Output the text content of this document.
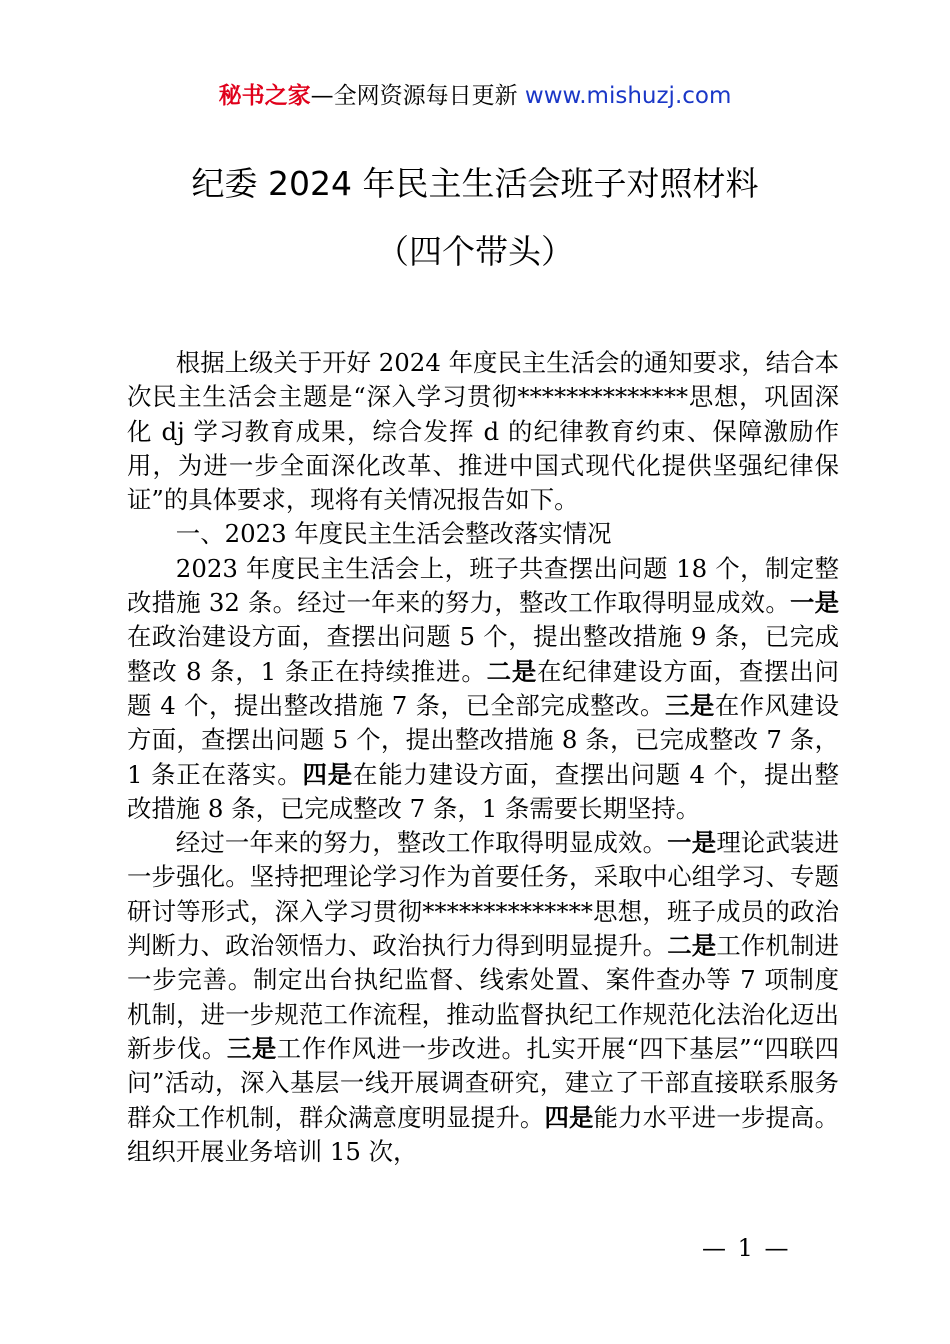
秘书之家—全网资源每日更新 www.mishuzj.com
纪委 2024 年民主生活会班子对照材料
（四个带头）

根据上级关于开好 2024 年度民主生活会的通知要求，结合本次民主生活会主题是“深入学习贯彻**************思想，巩固深化 dj 学习教育成果，综合发挥 d 的纪律教育约束、保障激励作用，为进一步全面深化改革、推进中国式现代化提供坚强纪律保证”的具体要求，现将有关情况报告如下。

一、2023 年度民主生活会整改落实情况

2023 年度民主生活会上，班子共查摆出问题 18 个，制定整改措施 32 条。经过一年来的努力，整改工作取得明显成效。一是在政治建设方面，查摆出问题 5 个，提出整改措施 9 条，已完成整改 8 条，1 条正在持续推进。二是在纪律建设方面，查摆出问题 4 个，提出整改措施 7 条，已全部完成整改。三是在作风建设方面，查摆出问题 5 个，提出整改措施 8 条，已完成整改 7 条，1 条正在落实。四是在能力建设方面，查摆出问题 4 个，提出整改措施 8 条，已完成整改 7 条，1 条需要长期坚持。

经过一年来的努力，整改工作取得明显成效。一是理论武装进一步强化。坚持把理论学习作为首要任务，采取中心组学习、专题研讨等形式，深入学习贯彻**************思想，班子成员的政治判断力、政治领悟力、政治执行力得到明显提升。二是工作机制进一步完善。制定出台执纪监督、线索处置、案件查办等 7 项制度机制，进一步规范工作流程，推动监督执纪工作规范化法治化迈出新步伐。三是工作作风进一步改进。扎实开展“四下基层”“四联四问”活动，深入基层一线开展调查研究，建立了干部直接联系服务群众工作机制，群众满意度明显提升。四是能力水平进一步提高。组织开展业务培训 15 次，

— 1 —
